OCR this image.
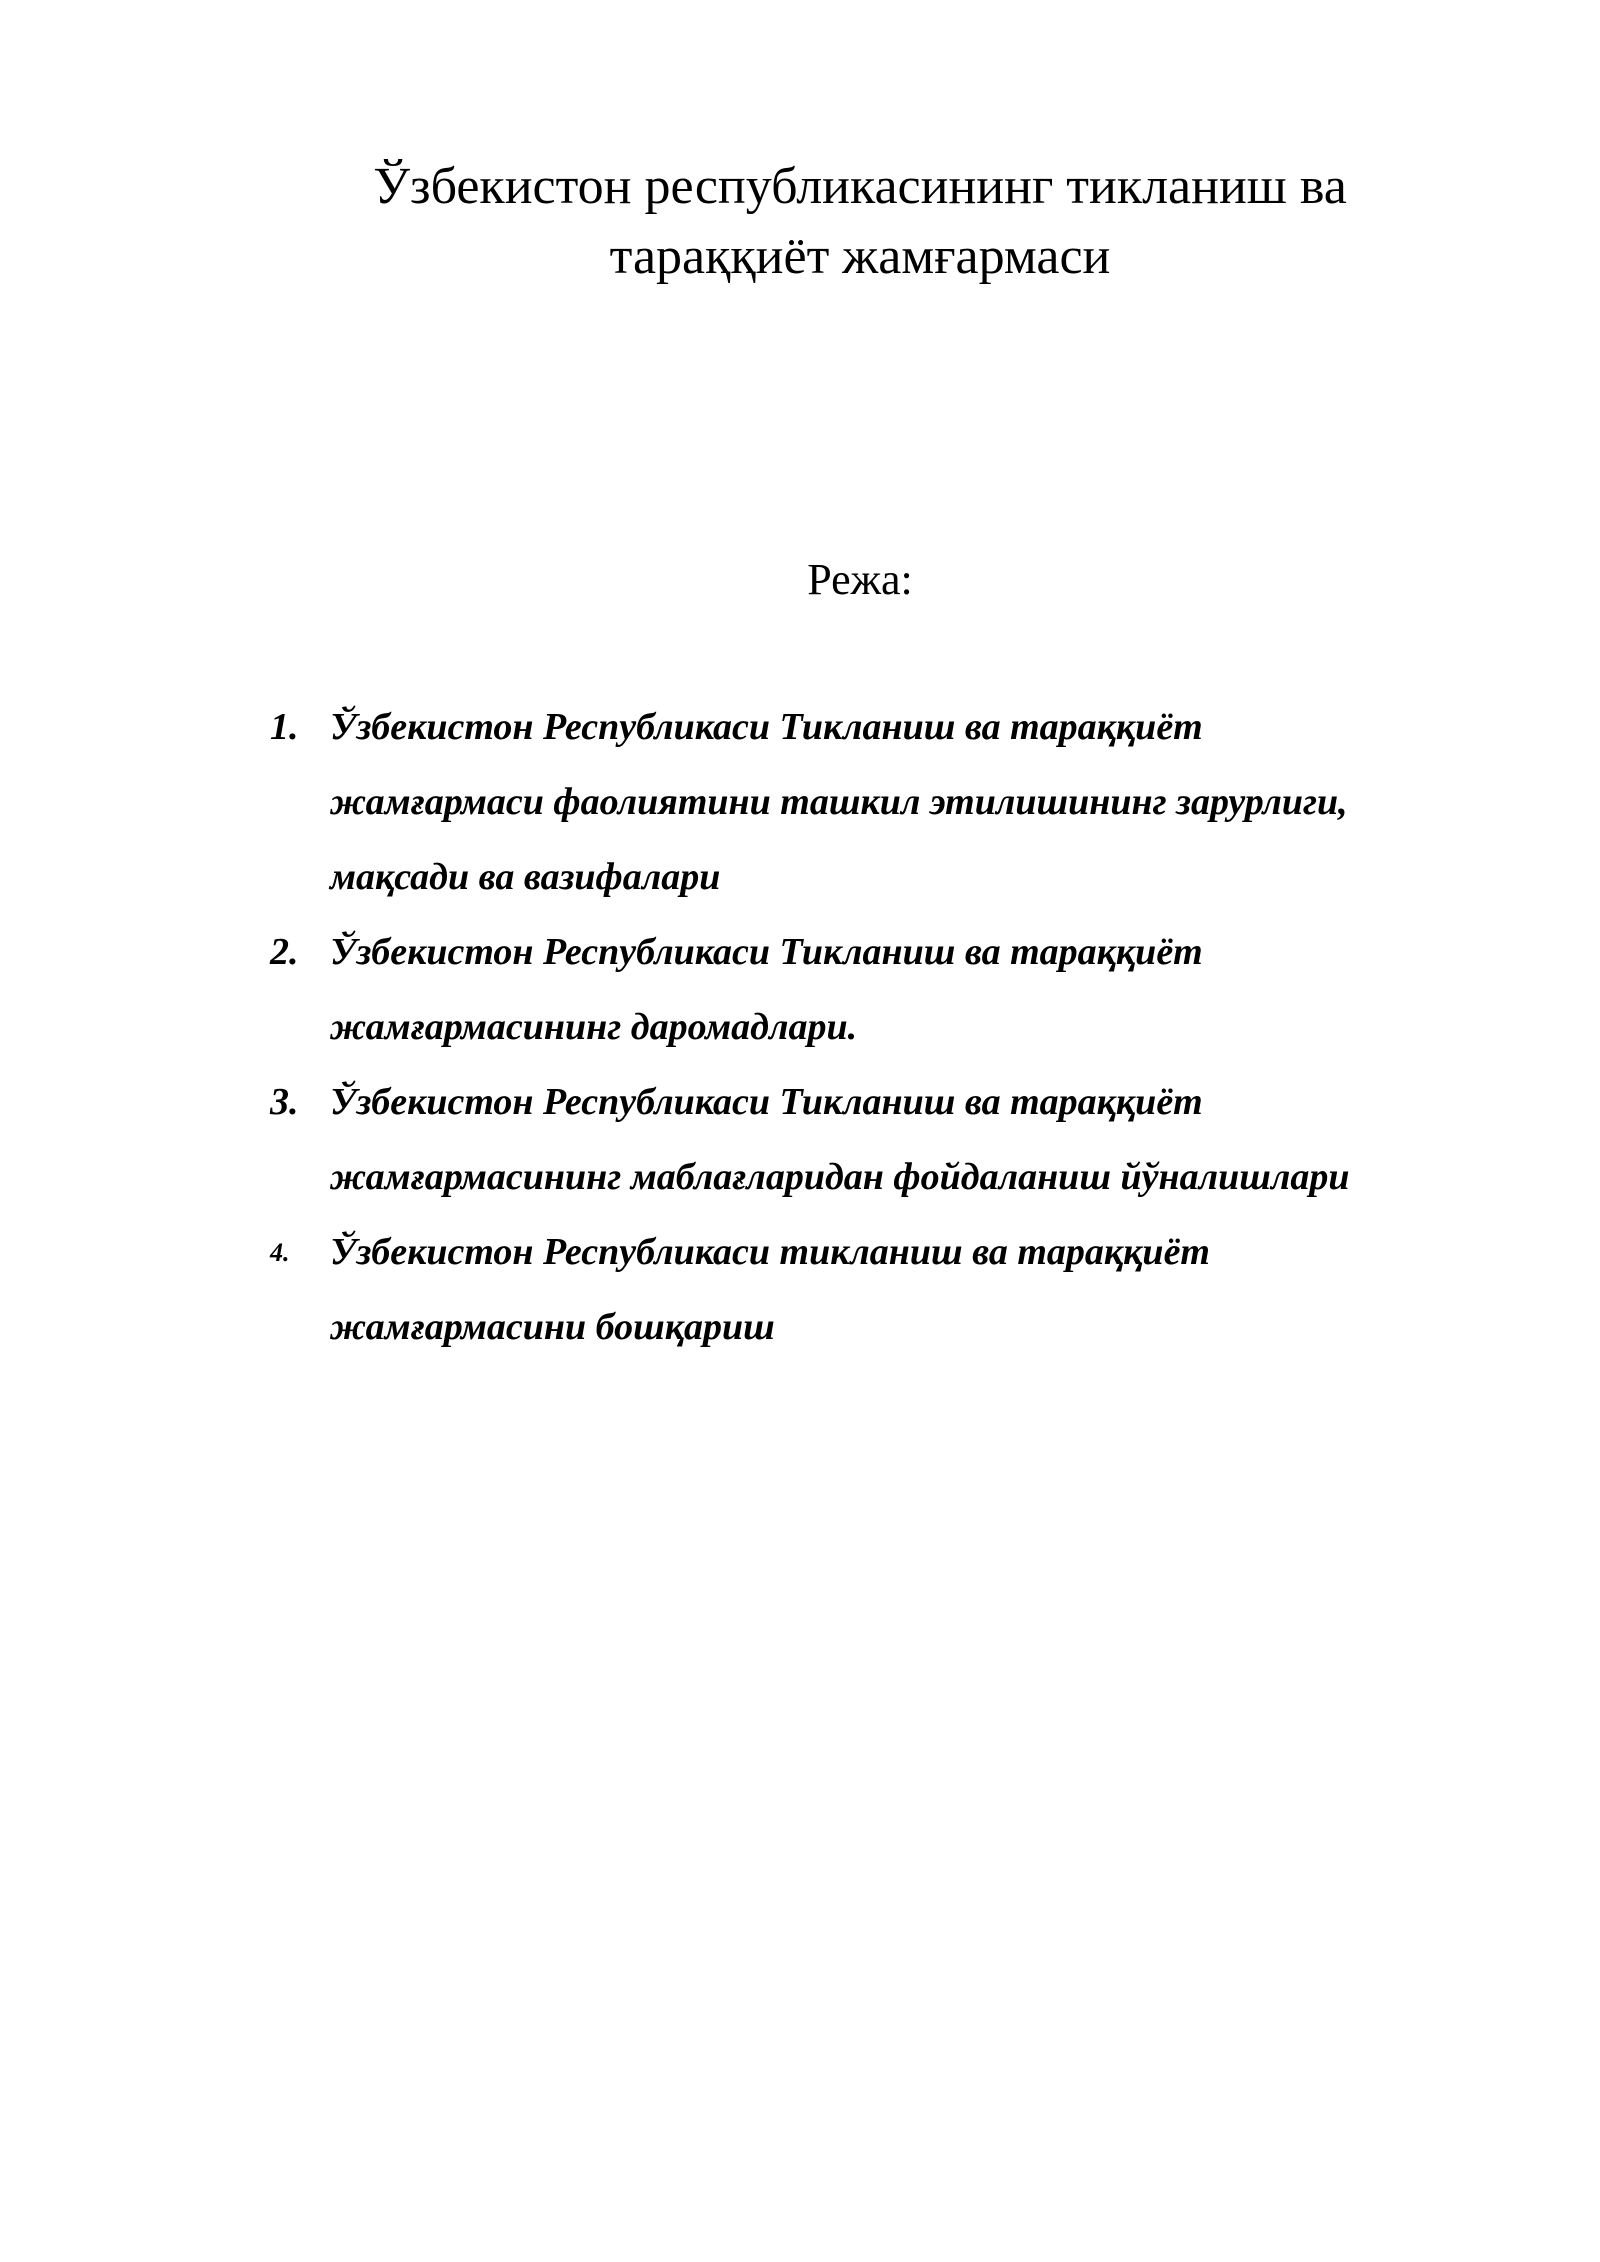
Ўзбекистон республикасининг тикланиш ва
тараққиёт жамғармаси

Режа:

1. Ўзбекистон Республикаси Тикланиш ва тараққиёт
жамғармаси фаолиятини ташкил этилишининг зарурлиги,
мақсади ва вазифалари
2. Ўзбекистон Республикаси Тикланиш ва тараққиёт
жамғармасининг даромадлари.
3. Ўзбекистон Республикаси Тикланиш ва тараққиёт
жамғармасининг маблағларидан фойдаланиш йўналишлари
4.	Ўзбекистон Республикаси тикланиш ва тараққиёт
жамғармасини бошқариш
